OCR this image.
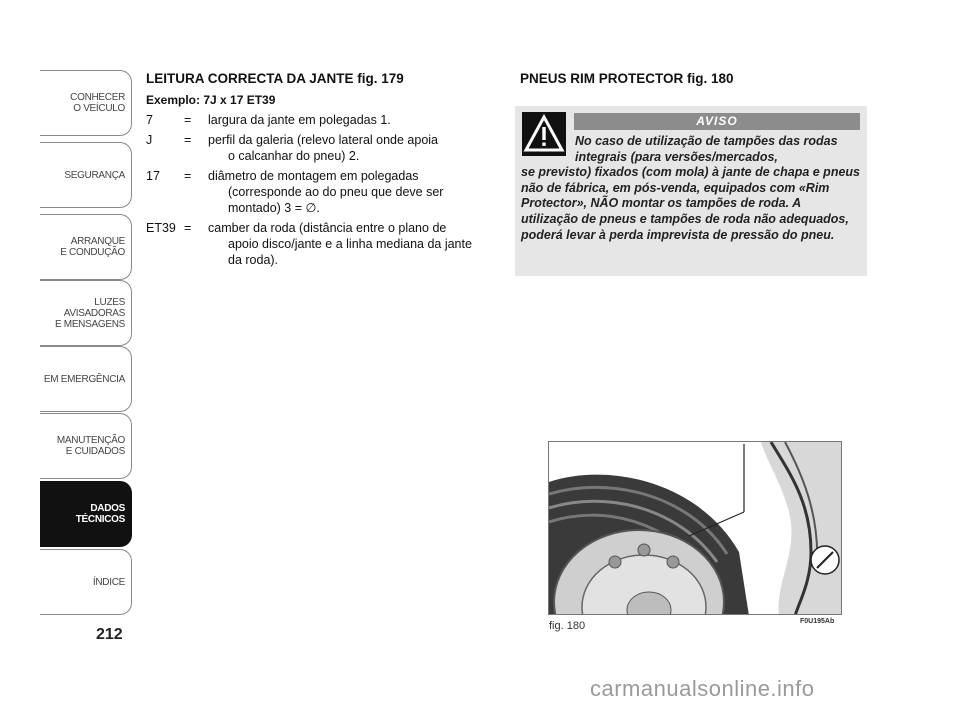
CONHECER
O VEÍCULO
SEGURANÇA
ARRANQUE
E CONDUÇÃO
LUZES
AVISADORAS
E MENSAGENS
EM EMERGÊNCIA
MANUTENÇÃO
E CUIDADOS
DADOS
TÉCNICOS
ÍNDICE
212
LEITURA CORRECTA DA JANTE fig. 179
Exemplo: 7J x 17 ET39
7	=	largura da jante em polegadas 1.
J	=	perfil da galeria (relevo lateral onde apoia
o calcanhar do pneu) 2.
17	=	diâmetro de montagem em polegadas
(corresponde ao do pneu que deve ser montado) 3 = ∅.
ET39 =	camber da roda (distância entre o plano de
apoio disco/jante e a linha mediana da jante da roda).
PNEUS RIM PROTECTOR fig. 180
AVISO
No caso de utilização de tampões das rodas integrais (para versões/mercados,
se previsto) fixados (com mola) à jante de chapa e pneus não de fábrica, em pós-venda, equipados com «Rim Protector», NÃO montar os tampões de roda. A utilização de pneus e tampões de roda não adequados, poderá levar à perda imprevista de pressão do pneu.
fig. 180	F0U195Ab
carmanualsonline.info
